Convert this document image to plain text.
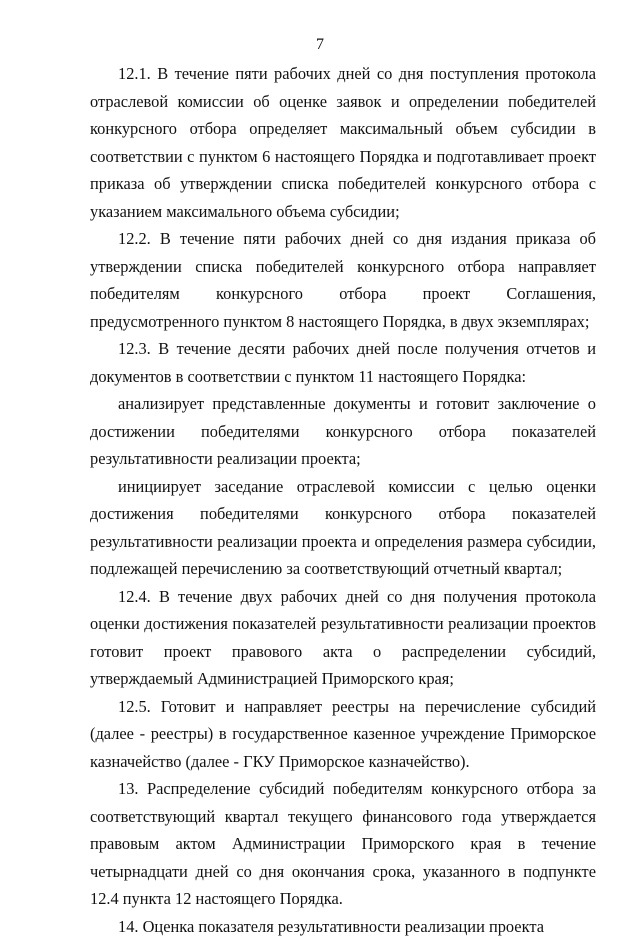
7

12.1. В течение пяти рабочих дней со дня поступления протокола отраслевой комиссии об оценке заявок и определении победителей конкурсного отбора определяет максимальный объем субсидии в соответствии с пунктом 6 настоящего Порядка и подготавливает проект приказа об утверждении списка победителей конкурсного отбора с указанием максимального объема субсидии;

12.2. В течение пяти рабочих дней со дня издания приказа об утверждении списка победителей конкурсного отбора направляет победителям конкурсного отбора проект Соглашения, предусмотренного пунктом 8 настоящего Порядка, в двух экземплярах;

12.3. В течение десяти рабочих дней после получения отчетов и документов в соответствии с пунктом 11 настоящего Порядка:

анализирует представленные документы и готовит заключение о достижении победителями конкурсного отбора показателей результативности реализации проекта;

инициирует заседание отраслевой комиссии с целью оценки достижения победителями конкурсного отбора показателей результативности реализации проекта и определения размера субсидии, подлежащей перечислению за соответствующий отчетный квартал;

12.4. В течение двух рабочих дней со дня получения протокола оценки достижения показателей результативности реализации проектов готовит проект правового акта о распределении субсидий, утверждаемый Администрацией Приморского края;

12.5. Готовит и направляет реестры на перечисление субсидий (далее - реестры) в государственное казенное учреждение Приморское казначейство (далее - ГКУ Приморское казначейство).

13. Распределение субсидий победителям конкурсного отбора за соответствующий квартал текущего финансового года утверждается правовым актом Администрации Приморского края в течение четырнадцати дней со дня окончания срока, указанного в подпункте 12.4 пункта 12 настоящего Порядка.

14. Оценка показателя результативности реализации проекта
